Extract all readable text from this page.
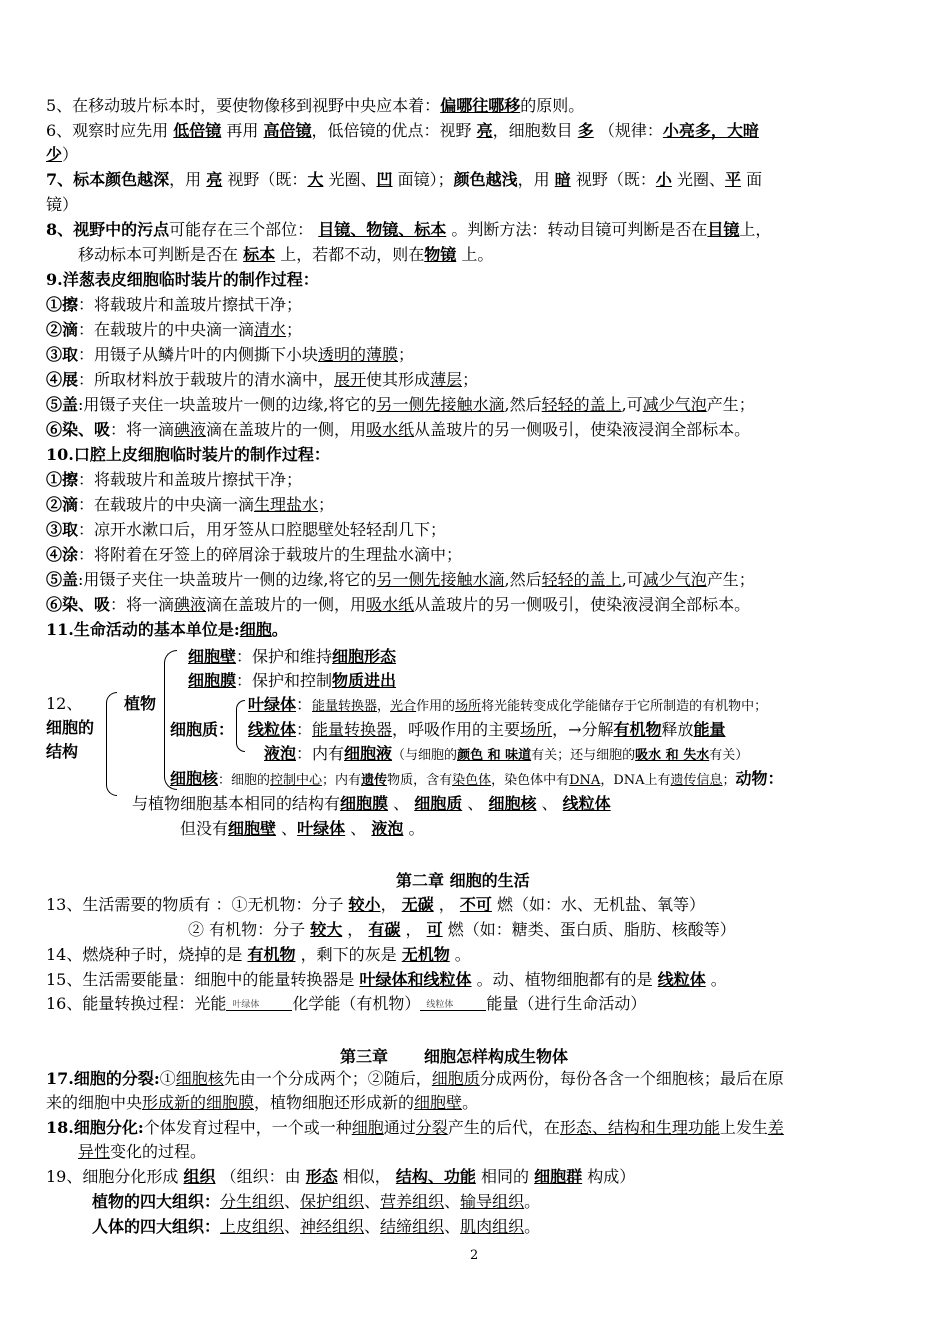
5、在移动玻片标本时，要使物像移到视野中央应本着：偏哪往哪移的原则。
6、观察时应先用 低倍镜 再用 高倍镜，低倍镜的优点：视野 亮，细胞数目 多 （规律：小亮多，大暗
少）
7、标本颜色越深，用 亮 视野（既：大 光圈、凹 面镜）；颜色越浅，用 暗 视野（既：小 光圈、平 面
镜）
8、视野中的污点可能存在三个部位： 目镜、物镜、标本 。判断方法：转动目镜可判断是否在目镜上，
移动标本可判断是否在 标本 上，若都不动，则在物镜 上。
9.洋葱表皮细胞临时装片的制作过程：
①擦：将载玻片和盖玻片擦拭干净；
②滴：在载玻片的中央滴一滴清水；
③取：用镊子从鳞片叶的内侧撕下小块透明的薄膜；
④展：所取材料放于载玻片的清水滴中，展开使其形成薄层；
⑤盖:用镊子夹住一块盖玻片一侧的边缘,将它的另一侧先接触水滴,然后轻轻的盖上,可减少气泡产生；
⑥染、吸：将一滴碘液滴在盖玻片的一侧，用吸水纸从盖玻片的另一侧吸引，使染液浸润全部标本。
10.口腔上皮细胞临时装片的制作过程：
①擦：将载玻片和盖玻片擦拭干净；
②滴：在载玻片的中央滴一滴生理盐水；
③取：凉开水漱口后，用牙签从口腔腮壁处轻轻刮几下；
④涂：将附着在牙签上的碎屑涂于载玻片的生理盐水滴中；
⑤盖:用镊子夹住一块盖玻片一侧的边缘,将它的另一侧先接触水滴,然后轻轻的盖上,可减少气泡产生；
⑥染、吸：将一滴碘液滴在盖玻片的一侧，用吸水纸从盖玻片的另一侧吸引，使染液浸润全部标本。
11.生命活动的基本单位是:细胞。
12、
细胞的
结构
植物
细胞壁：保护和维持细胞形态
细胞膜：保护和控制物质进出
细胞质：
叶绿体：能量转换器，光合作用的场所将光能转变成化学能储存于它所制造的有机物中；
线粒体：能量转换器，呼吸作用的主要场所，→分解有机物释放能量
液泡：内有细胞液（与细胞的颜色 和 味道有关；还与细胞的吸水 和 失水有关）
细胞核：细胞的控制中心；内有遗传物质，含有染色体，染色体中有DNA，DNA上有遗传信息；动物：
与植物细胞基本相同的结构有细胞膜 、 细胞质 、 细胞核 、 线粒体
但没有细胞壁 、叶绿体 、 液泡 。
第二章 细胞的生活
13、生活需要的物质有 ：①无机物：分子 较小， 无碳 ， 不可 燃（如：水、无机盐、氧等）
② 有机物：分子 较大 ， 有碳 ， 可 燃（如：糖类、蛋白质、脂肪、核酸等）
14、燃烧种子时，烧掉的是 有机物 ，剩下的灰是 无机物 。
15、生活需要能量：细胞中的能量转换器是 叶绿体和线粒体 。动、植物细胞都有的是 线粒体 。
16、能量转换过程：光能 叶绿体 化学能（有机物） 线粒体 能量（进行生命活动）
第三章 细胞怎样构成生物体
17.细胞的分裂:①细胞核先由一个分成两个；②随后，细胞质分成两份，每份各含一个细胞核；最后在原
来的细胞中央形成新的细胞膜，植物细胞还形成新的细胞壁。
18.细胞分化:个体发育过程中，一个或一种细胞通过分裂产生的后代，在形态、结构和生理功能上发生差
异性变化的过程。
19、细胞分化形成 组织 （组织：由 形态 相似， 结构、功能 相同的 细胞群 构成）
植物的四大组织：分生组织、保护组织、营养组织、输导组织。
人体的四大组织：上皮组织、神经组织、结缔组织、肌肉组织。
2
